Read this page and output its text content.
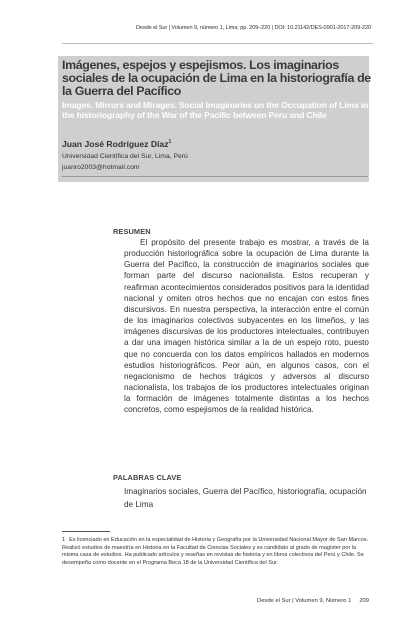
Desde el Sur | Volumen 9, número 1, Lima; pp. 209–220 | DOI: 10.21142/DES-0901-2017-209-220
Imágenes, espejos y espejismos. Los imaginarios sociales de la ocupación de Lima en la historiografía de la Guerra del Pacífico
Images, Mirrors and Mirages. Social Imaginaries on the Occupation of Lima in the historiography of the War of the Pacific between Peru and Chile
Juan José Rodríguez Díaz$^1$
Universidad Científica del Sur, Lima, Perú
juanro2003@hotmail.com
RESUMEN
El propósito del presente trabajo es mostrar, a través de la producción historiográfica sobre la ocupación de Lima durante la Guerra del Pacífico, la construcción de imaginarios sociales que forman parte del discurso nacionalista. Estos recuperan y reafirman acontecimientos considerados positivos para la identidad nacional y omiten otros hechos que no encajan con estos fines discursivos. En nuestra perspectiva, la interacción entre el común de los imaginarios colectivos subyacentes en los limeños, y las imágenes discursivas de los productores intelectuales, contribuyen a dar una imagen histórica similar a la de un espejo roto, puesto que no concuerda con los datos empíricos hallados en modernos estudios historiográficos. Peor aún, en algunos casos, con el negacionismo de hechos trágicos y adversos al discurso nacionalista, los trabajos de los productores intelectuales originan la formación de imágenes totalmente distintas a los hechos concretos, como espejismos de la realidad histórica.
PALABRAS CLAVE
Imaginarios sociales, Guerra del Pacífico, historiografía, ocupación de Lima
1 Es licenciado en Educación en la especialidad de Historia y Geografía por la Universidad Nacional Mayor de San Marcos. Realizó estudios de maestría en Historia en la Facultad de Ciencias Sociales y es candidato al grado de magíster por la misma casa de estudios. Ha publicado artículos y reseñas en revistas de historia y en libros colectivos del Perú y Chile. Se desempeña como docente en el Programa Beca 18 de la Universidad Científica del Sur.
Desde el Sur | Volumen 9, Número 1 209
